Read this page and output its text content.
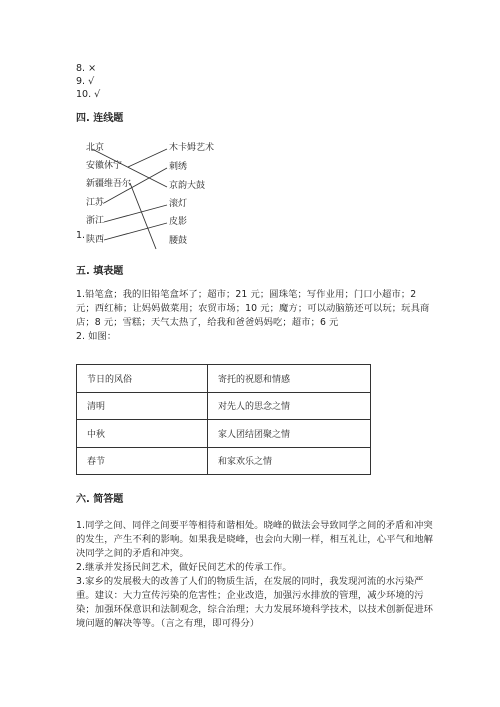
8. ×
9. √
10. √
四. 连线题
北京
安徽休宁
新疆维吾尔
江苏
浙江
陕西
木卡姆艺术
刺绣
京韵大鼓
滚灯
皮影
腰鼓
1.
五. 填表题

1.铅笔盒；我的旧铅笔盒坏了；超市；21 元；圆珠笔；写作业用；门口小超市；2 元；西红柿；让妈妈做菜用；农贸市场；10 元；魔方；可以动脑筋还可以玩；玩具商店；8 元；雪糕；天气太热了，给我和爸爸妈妈吃；超市；6 元

2. 如图：

节日的风俗	寄托的祝愿和情感
清明	对先人的思念之情
中秋	家人团结团聚之情
春节	和家欢乐之情
六. 简答题

1.同学之间、同伴之间要平等相待和谐相处。晓峰的做法会导致同学之间的矛盾和冲突的发生，产生不利的影响。如果我是晓峰，也会向大刚一样，相互礼让，心平气和地解决同学之间的矛盾和冲突。

2.继承并发扬民间艺术，做好民间艺术的传承工作。

3.家乡的发展极大的改善了人们的物质生活，在发展的同时，我发现河流的水污染严重。建议：大力宣传污染的危害性；企业改造，加强污水排放的管理，减少环境的污染；加强环保意识和法制观念，综合治理；大力发展环境科学技术，以技术创新促进环境问题的解决等等。（言之有理，即可得分）
